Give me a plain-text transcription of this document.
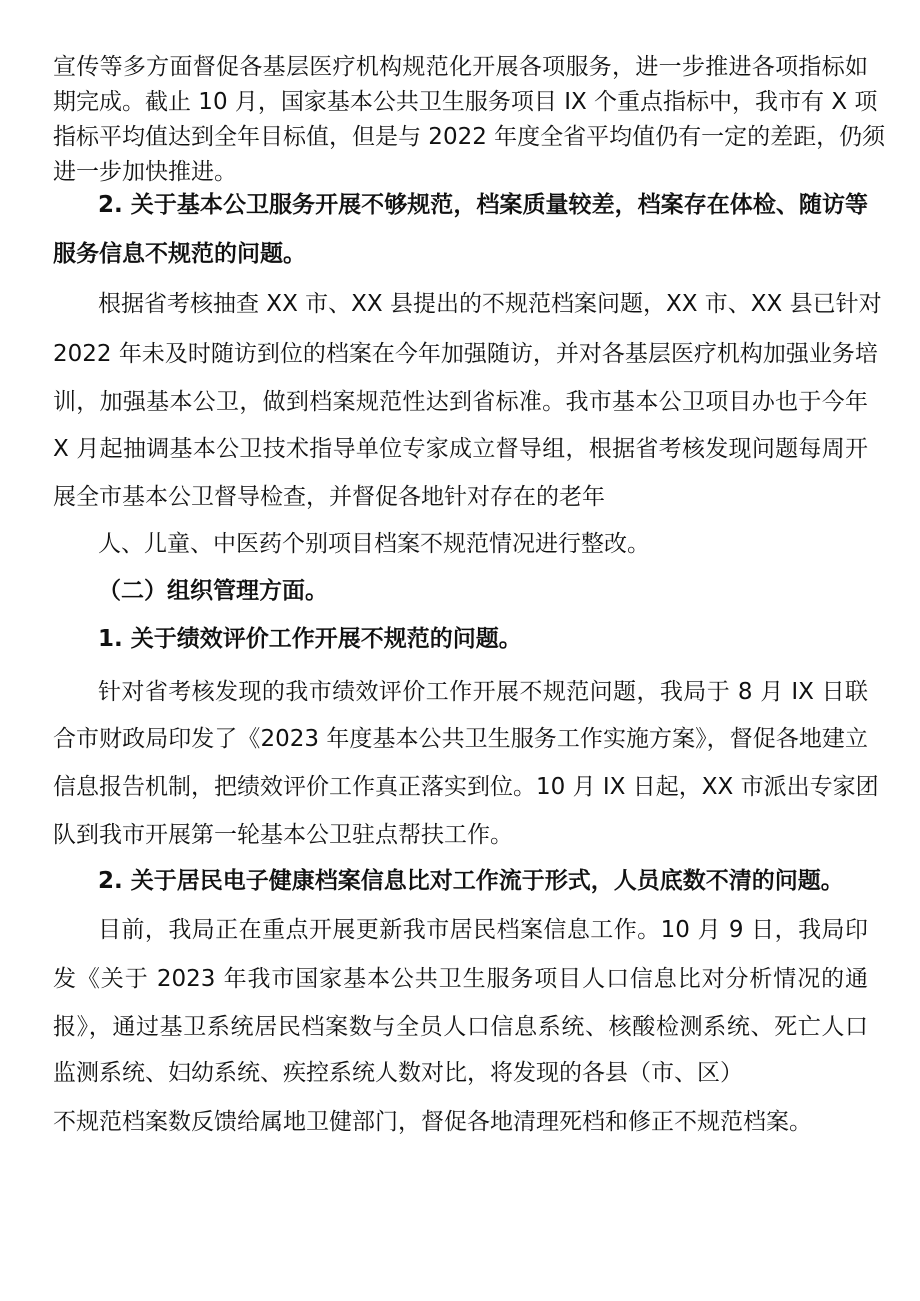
宣传等多方面督促各基层医疗机构规范化开展各项服务，进一步推进各项指标如
期完成。截止 10 月，国家基本公共卫生服务项目 IX 个重点指标中，我市有 X 项
指标平均值达到全年目标值，但是与 2022 年度全省平均值仍有一定的差距，仍须
进一步加快推进。
2. 关于基本公卫服务开展不够规范，档案质量较差，档案存在体检、随访等
服务信息不规范的问题。
根据省考核抽查 XX 市、XX 县提出的不规范档案问题，XX 市、XX 县已针对
2022 年未及时随访到位的档案在今年加强随访，并对各基层医疗机构加强业务培
训，加强基本公卫，做到档案规范性达到省标准。我市基本公卫项目办也于今年
X 月起抽调基本公卫技术指导单位专家成立督导组，根据省考核发现问题每周开
展全市基本公卫督导检查，并督促各地针对存在的老年
人、儿童、中医药个别项目档案不规范情况进行整改。
（二）组织管理方面。
1. 关于绩效评价工作开展不规范的问题。
针对省考核发现的我市绩效评价工作开展不规范问题，我局于 8 月 IX 日联
合市财政局印发了《2023 年度基本公共卫生服务工作实施方案》，督促各地建立
信息报告机制，把绩效评价工作真正落实到位。10 月 IX 日起，XX 市派出专家团
队到我市开展第一轮基本公卫驻点帮扶工作。
2. 关于居民电子健康档案信息比对工作流于形式，人员底数不清的问题。
目前，我局正在重点开展更新我市居民档案信息工作。10 月 9 日，我局印
发《关于 2023 年我市国家基本公共卫生服务项目人口信息比对分析情况的通
报》，通过基卫系统居民档案数与全员人口信息系统、核酸检测系统、死亡人口
监测系统、妇幼系统、疾控系统人数对比，将发现的各县（市、区）
不规范档案数反馈给属地卫健部门，督促各地清理死档和修正不规范档案。
